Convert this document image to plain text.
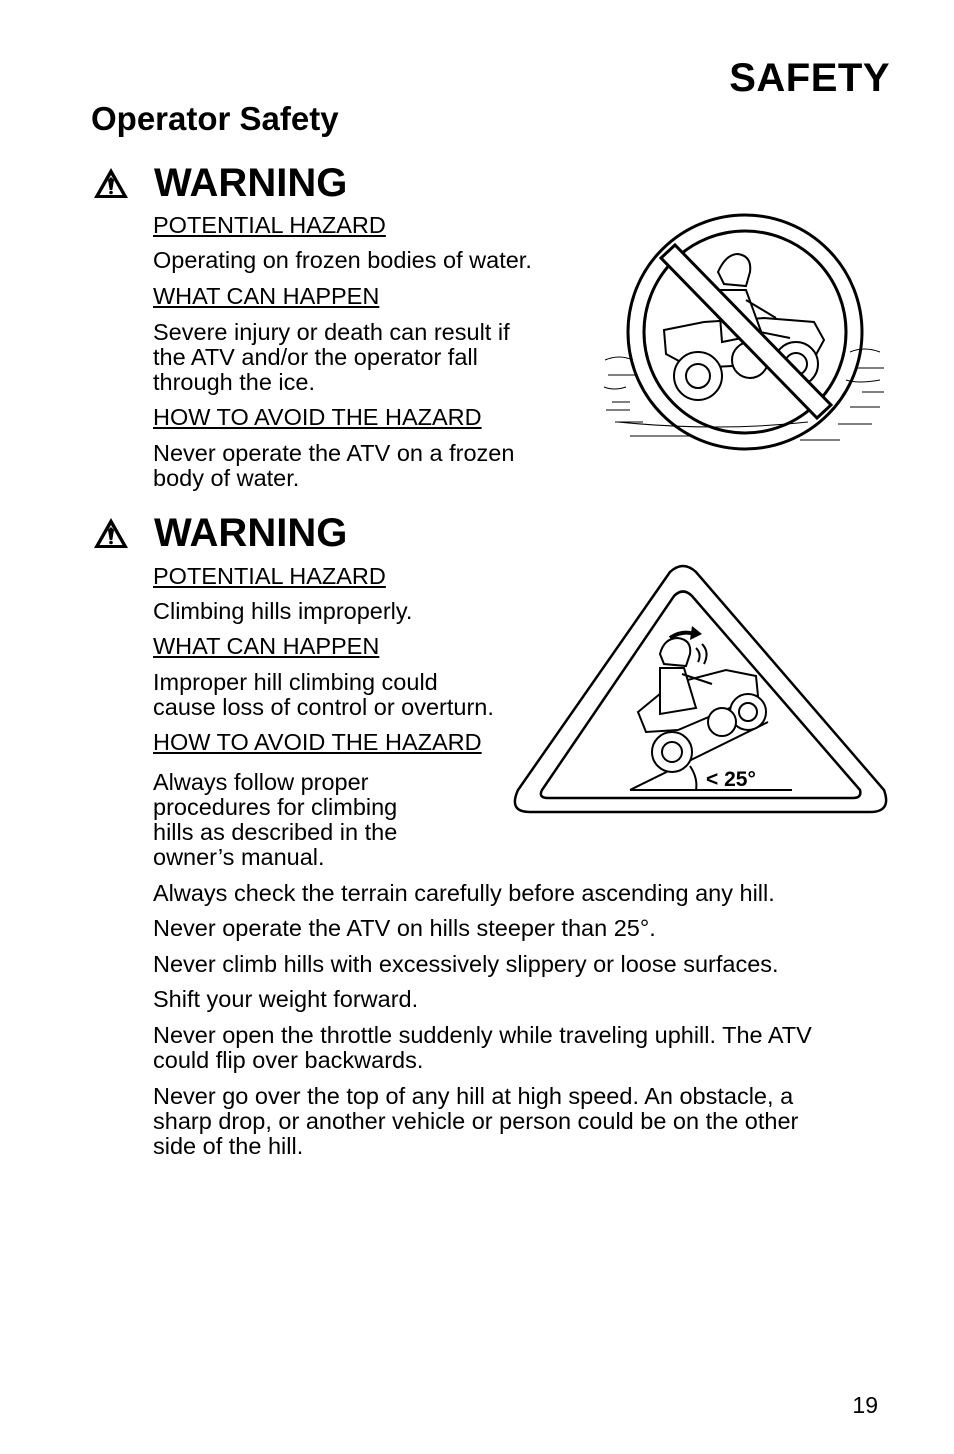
SAFETY
Operator Safety
WARNING
POTENTIAL HAZARD
Operating on frozen bodies of water.
WHAT CAN HAPPEN
Severe injury or death can result if
the ATV and/or the operator fall
through the ice.
HOW TO AVOID THE HAZARD
Never operate the ATV on a frozen
body of water.
WARNING
POTENTIAL HAZARD
Climbing hills improperly.
WHAT CAN HAPPEN
Improper hill climbing could
cause loss of control or overturn.
HOW TO AVOID THE HAZARD
Always follow proper
procedures for climbing
hills as described in the
owner’s manual.
< 25°
Always check the terrain carefully before ascending any hill.
Never operate the ATV on hills steeper than 25°.
Never climb hills with excessively slippery or loose surfaces.
Shift your weight forward.
Never open the throttle suddenly while traveling uphill. The ATV
could flip over backwards.
Never go over the top of any hill at high speed. An obstacle, a
sharp drop, or another vehicle or person could be on the other
side of the hill.
19
